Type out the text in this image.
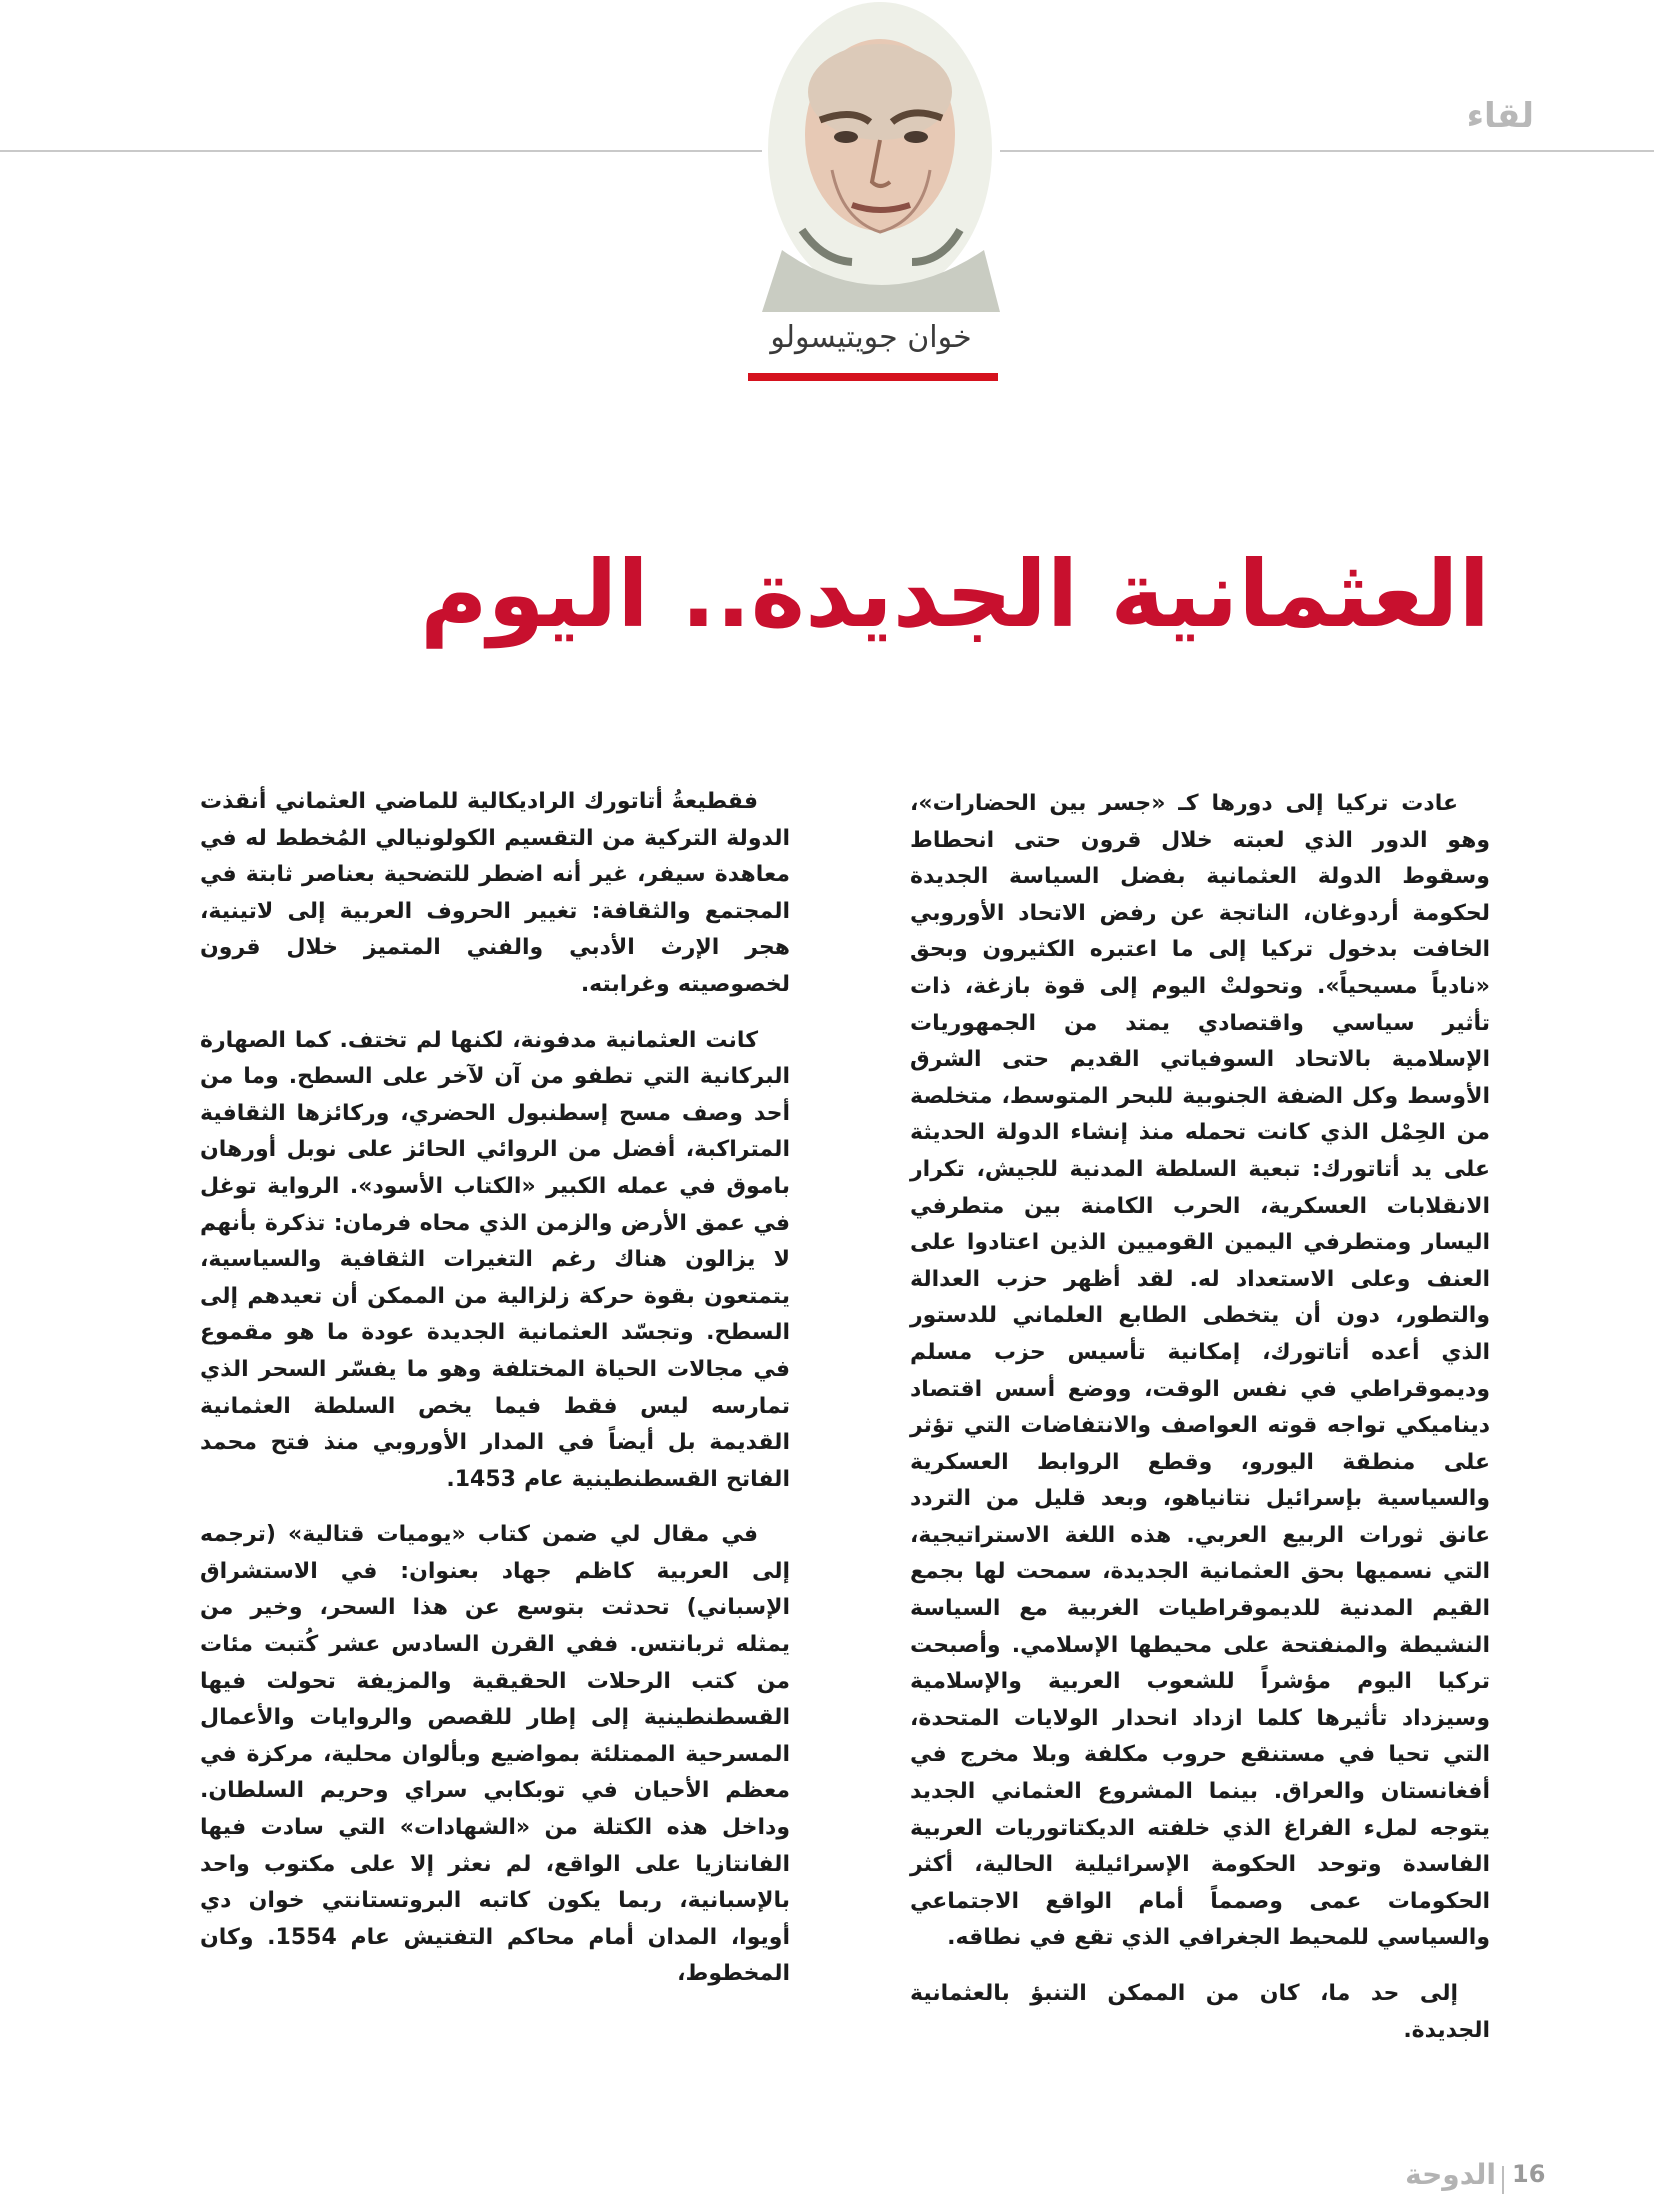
لقاء
خوان جويتيسولو
العثمانية الجديدة.. اليوم

عادت تركيا إلى دورها كـ «جسر بين الحضارات»، وهو الدور الذي لعبته خلال قرون حتى انحطاط وسقوط الدولة العثمانية بفضل السياسة الجديدة لحكومة أردوغان، الناتجة عن رفض الاتحاد الأوروبي الخافت بدخول تركيا إلى ما اعتبره الكثيرون وبحق «نادياً مسيحياً». وتحولتْ اليوم إلى قوة بازغة، ذات تأثير سياسي واقتصادي يمتد من الجمهوريات الإسلامية بالاتحاد السوفياتي القديم حتى الشرق الأوسط وكل الضفة الجنوبية للبحر المتوسط، متخلصة من الحِمْل الذي كانت تحمله منذ إنشاء الدولة الحديثة على يد أتاتورك: تبعية السلطة المدنية للجيش، تكرار الانقلابات العسكرية، الحرب الكامنة بين متطرفي اليسار ومتطرفي اليمين القوميين الذين اعتادوا على العنف وعلى الاستعداد له. لقد أظهر حزب العدالة والتطور، دون أن يتخطى الطابع العلماني للدستور الذي أعده أتاتورك، إمكانية تأسيس حزب مسلم وديموقراطي في نفس الوقت، ووضع أسس اقتصاد ديناميكي تواجه قوته العواصف والانتفاضات التي تؤثر على منطقة اليورو، وقطع الروابط العسكرية والسياسية بإسرائيل نتانياهو، وبعد قليل من التردد عانق ثورات الربيع العربي. هذه اللغة الاستراتيجية، التي نسميها بحق العثمانية الجديدة، سمحت لها بجمع القيم المدنية للديموقراطيات الغربية مع السياسة النشيطة والمنفتحة على محيطها الإسلامي. وأصبحت تركيا اليوم مؤشراً للشعوب العربية والإسلامية وسيزداد تأثيرها كلما ازداد انحدار الولايات المتحدة، التي تحيا في مستنقع حروب مكلفة وبلا مخرج في أفغانستان والعراق. بينما المشروع العثماني الجديد يتوجه لملء الفراغ الذي خلفته الديكتاتوريات العربية الفاسدة وتوحد الحكومة الإسرائيلية الحالية، أكثر الحكومات عمى وصمماً أمام الواقع الاجتماعي والسياسي للمحيط الجغرافي الذي تقع في نطاقه.

إلى حد ما، كان من الممكن التنبؤ بالعثمانية الجديدة.

فقطيعةُ أتاتورك الراديكالية للماضي العثماني أنقذت الدولة التركية من التقسيم الكولونيالي المُخطط له في معاهدة سيفر، غير أنه اضطر للتضحية بعناصر ثابتة في المجتمع والثقافة: تغيير الحروف العربية إلى لاتينية، هجر الإرث الأدبي والفني المتميز خلال قرون لخصوصيته وغرابته.

كانت العثمانية مدفونة، لكنها لم تختف. كما الصهارة البركانية التي تطفو من آن لآخر على السطح. وما من أحد وصف مسح إسطنبول الحضري، وركائزها الثقافية المتراكبة، أفضل من الروائي الحائز على نوبل أورهان باموق في عمله الكبير «الكتاب الأسود». الرواية توغل في عمق الأرض والزمن الذي محاه فرمان: تذكرة بأنهم لا يزالون هناك رغم التغيرات الثقافية والسياسية، يتمتعون بقوة حركة زلزالية من الممكن أن تعيدهم إلى السطح. وتجسّد العثمانية الجديدة عودة ما هو مقموع في مجالات الحياة المختلفة وهو ما يفسّر السحر الذي تمارسه ليس فقط فيما يخص السلطة العثمانية القديمة بل أيضاً في المدار الأوروبي منذ فتح محمد الفاتح القسطنطينية عام 1453.

في مقال لي ضمن كتاب «يوميات قتالية» (ترجمه إلى العربية كاظم جهاد بعنوان: في الاستشراق الإسباني) تحدثت بتوسع عن هذا السحر، وخير من يمثله ثربانتس. ففي القرن السادس عشر كُتبت مئات من كتب الرحلات الحقيقية والمزيفة تحولت فيها القسطنطينية إلى إطار للقصص والروايات والأعمال المسرحية الممتلئة بمواضيع وبألوان محلية، مركزة في معظم الأحيان في توبكابي سراي وحريم السلطان. وداخل هذه الكتلة من «الشهادات» التي سادت فيها الفانتازيا على الواقع، لم نعثر إلا على مكتوب واحد بالإسبانية، ربما يكون كاتبه البروتستانتي خوان دي أويوا، المدان أمام محاكم التفتيش عام 1554. وكان المخطوط،

الدوحة 16
